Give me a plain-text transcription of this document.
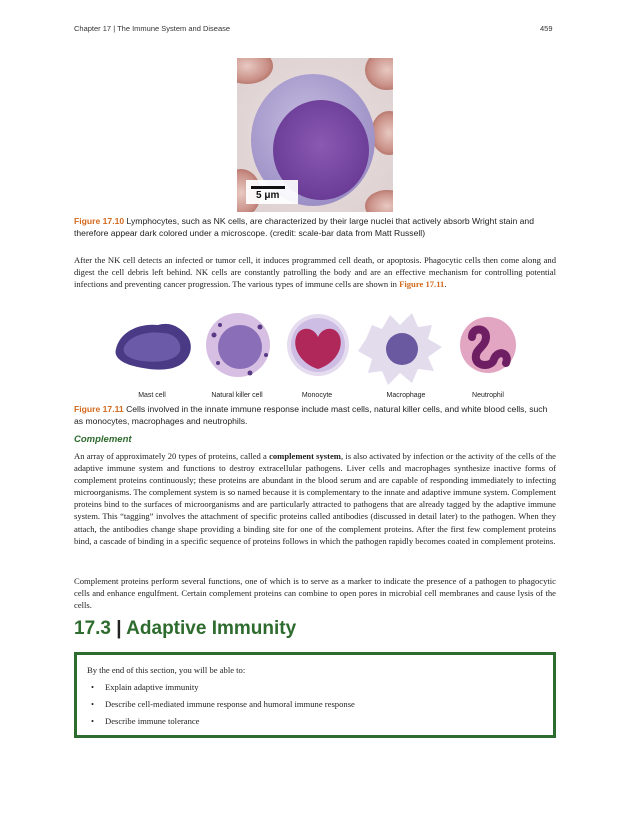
Chapter 17 | The Immune System and Disease	459
5 μm
Figure 17.10 Lymphocytes, such as NK cells, are characterized by their large nuclei that actively absorb Wright stain and therefore appear dark colored under a microscope. (credit: scale-bar data from Matt Russell)
After the NK cell detects an infected or tumor cell, it induces programmed cell death, or apoptosis. Phagocytic cells then come along and digest the cell debris left behind. NK cells are constantly patrolling the body and are an effective mechanism for controlling potential infections and preventing cancer progression. The various types of immune cells are shown in Figure 17.11.
Mast cell	Natural killer cell	Monocyte	Macrophage	Neutrophil
Figure 17.11 Cells involved in the innate immune response include mast cells, natural killer cells, and white blood cells, such as monocytes, macrophages and neutrophils.
Complement
An array of approximately 20 types of proteins, called a complement system, is also activated by infection or the activity of the cells of the adaptive immune system and functions to destroy extracellular pathogens. Liver cells and macrophages synthesize inactive forms of complement proteins continuously; these proteins are abundant in the blood serum and are capable of responding immediately to infecting microorganisms. The complement system is so named because it is complementary to the innate and adaptive immune system. Complement proteins bind to the surfaces of microorganisms and are particularly attracted to pathogens that are already tagged by the adaptive immune system. This “tagging” involves the attachment of specific proteins called antibodies (discussed in detail later) to the pathogen. When they attach, the antibodies change shape providing a binding site for one of the complement proteins. After the first few complement proteins bind, a cascade of binding in a specific sequence of proteins follows in which the pathogen rapidly becomes coated in complement proteins.
Complement proteins perform several functions, one of which is to serve as a marker to indicate the presence of a pathogen to phagocytic cells and enhance engulfment. Certain complement proteins can combine to open pores in microbial cell membranes and cause lysis of the cells.
17.3 | Adaptive Immunity
By the end of this section, you will be able to:
• Explain adaptive immunity
• Describe cell-mediated immune response and humoral immune response
• Describe immune tolerance
